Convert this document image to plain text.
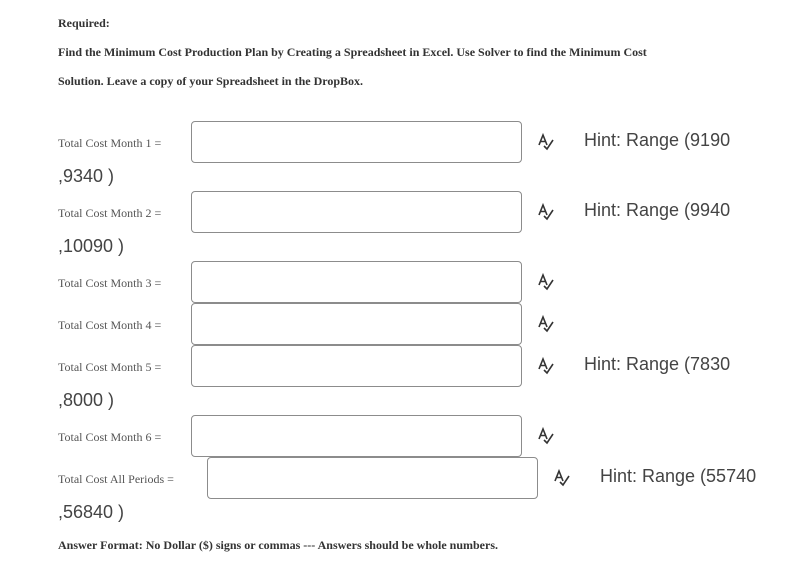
Required:

Find the Minimum Cost Production Plan by Creating a Spreadsheet in Excel. Use Solver to find the Minimum Cost

Solution. Leave a copy of your Spreadsheet in the DropBox.

Total Cost Month 1 =	Hint: Range (9190
,9340 )
Total Cost Month 2 =	Hint: Range (9940
,10090 )
Total Cost Month 3 =
Total Cost Month 4 =
Total Cost Month 5 =	Hint: Range (7830
,8000 )
Total Cost Month 6 =
Total Cost All Periods =	Hint: Range (55740
,56840 )

Answer Format: No Dollar ($) signs or commas --- Answers should be whole numbers.
